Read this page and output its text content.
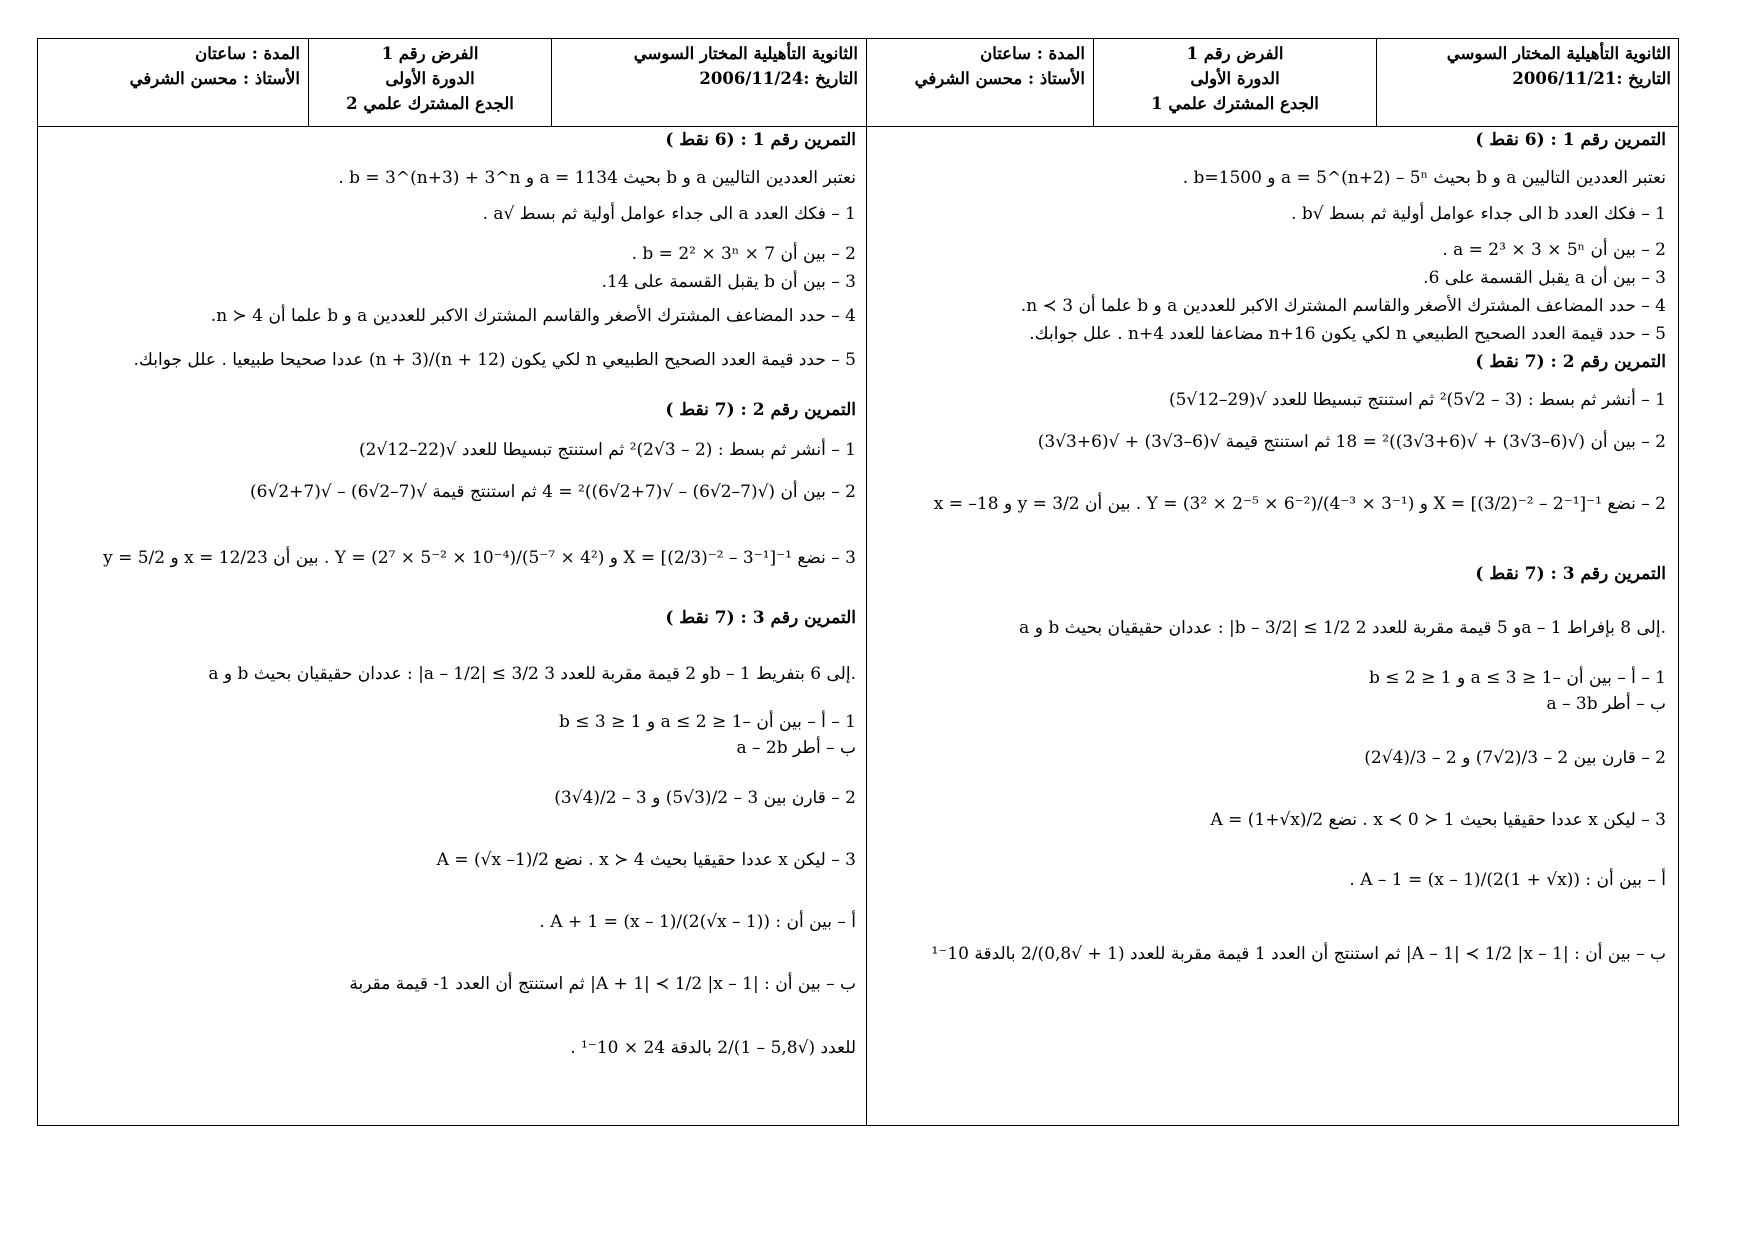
الثانوية التأهيلية المختار السوسي
التاريخ :2006/11/21
الفرض رقم 1
الدورة الأولى
الجدع المشترك علمي 1
المدة : ساعتان
الأستاذ : محسن الشرفي
الثانوية التأهيلية المختار السوسي
التاريخ :2006/11/24
الفرض رقم 1
الدورة الأولى
الجدع المشترك علمي 2
المدة : ساعتان
الأستاذ : محسن الشرفي
التمرين رقم 1 : (6 نقط )
نعتبر العددين التاليين a و b بحيث a = 5^(n+2) – 5ⁿ و b=1500 .
1 – فكك العدد b الى جداء عوامل أولية ثم بسط √b .
2 – بين أن a = 2³ × 3 × 5ⁿ .
3 – بين أن a يقبل القسمة على 6.
4 – حدد المضاعف المشترك الأصغر والقاسم المشترك الاكبر للعددين a و b علما أن 3 ≻ n.
5 – حدد قيمة العدد الصحيح الطبيعي n لكي يكون n+16 مضاعفا للعدد n+4 . علل جوابك.
التمرين رقم 2 : (7 نقط )
1 – أنشر ثم بسط : (3 – 2√5)² ثم استنتج تبسيطا للعدد √(29–12√5)
2 – بين أن (√(6–3√3) + √(6+3√3))² = 18 ثم استنتج قيمة √(6–3√3) + √(6+3√3)
2 – نضع X = [(3/2)⁻² – 2⁻¹]⁻¹ و Y = (3² × 2⁻⁵ × 6⁻²)/(4⁻³ × 3⁻¹) . بين أن y = 3/2 و x = –18
التمرين رقم 3 : (7 نقط )
a و b عددان حقيقيان بحيث : |b – 3/2| ≤ 1/2 و 5 قيمة مقربة للعدد 2a – 1 إلى 8 بإفراط.
1 – أ – بين أن –1 ≤ a ≤ 3 و 1 ≤ b ≤ 2
ب – أطر a – 3b
2 – قارن بين 2 – 3/(2√7) و 2 – 3/(4√2)
3 – ليكن x عددا حقيقيا بحيث 1 ≺ x ≺ 0 . نضع A = (1+√x)/2
أ – بين أن : A – 1 = (x – 1)/(2(1 + √x)) .
ب – بين أن : |A – 1| ≺ 1/2 |x – 1| ثم استنتج أن العدد 1 قيمة مقربة للعدد (1 + √0,8)/2 بالدقة 10⁻¹
التمرين رقم 1 : (6 نقط )
نعتبر العددين التاليين a و b بحيث a = 1134 و b = 3^(n+3) + 3^n .
1 – فكك العدد a الى جداء عوامل أولية ثم بسط √a .
2 – بين أن b = 2² × 3ⁿ × 7 .
3 – بين أن b يقبل القسمة على 14.
4 – حدد المضاعف المشترك الأصغر والقاسم المشترك الاكبر للعددين a و b علما أن 4 ≺ n.
5 – حدد قيمة العدد الصحيح الطبيعي n لكي يكون (n + 12)/(n + 3) عددا صحيحا طبيعيا . علل جوابك.
التمرين رقم 2 : (7 نقط )
1 – أنشر ثم بسط : (2 – 3√2)² ثم استنتج تبسيطا للعدد √(22–12√2)
2 – بين أن (√(7–2√6) – √(7+2√6))² = 4 ثم استنتج قيمة √(7–2√6) – √(7+2√6)
3 – نضع X = [(2/3)⁻² – 3⁻¹]⁻¹ و Y = (2⁷ × 5⁻² × 10⁻⁴)/(5⁻⁷ × 4²) . بين أن x = 12/23 و y = 5/2
التمرين رقم 3 : (7 نقط )
a و b عددان حقيقيان بحيث : |a – 1/2| ≤ 3/2 و 2 قيمة مقربة للعدد 3b – 1 إلى 6 بتفريط.
1 – أ – بين أن –1 ≤ a ≤ 2 و 1 ≤ b ≤ 3
ب – أطر a – 2b
2 – قارن بين 3 – 2/(3√5) و 3 – 2/(4√3)
3 – ليكن x عددا حقيقيا بحيث 4 ≺ x . نضع A = (√x –1)/2
أ – بين أن : A + 1 = (x – 1)/(2(√x – 1)) .
ب – بين أن : |A + 1| ≺ 1/2 |x – 1| ثم استنتج أن العدد 1- قيمة مقربة
للعدد (√5,8 – 1)/2 بالدقة 24 × 10⁻¹ .
